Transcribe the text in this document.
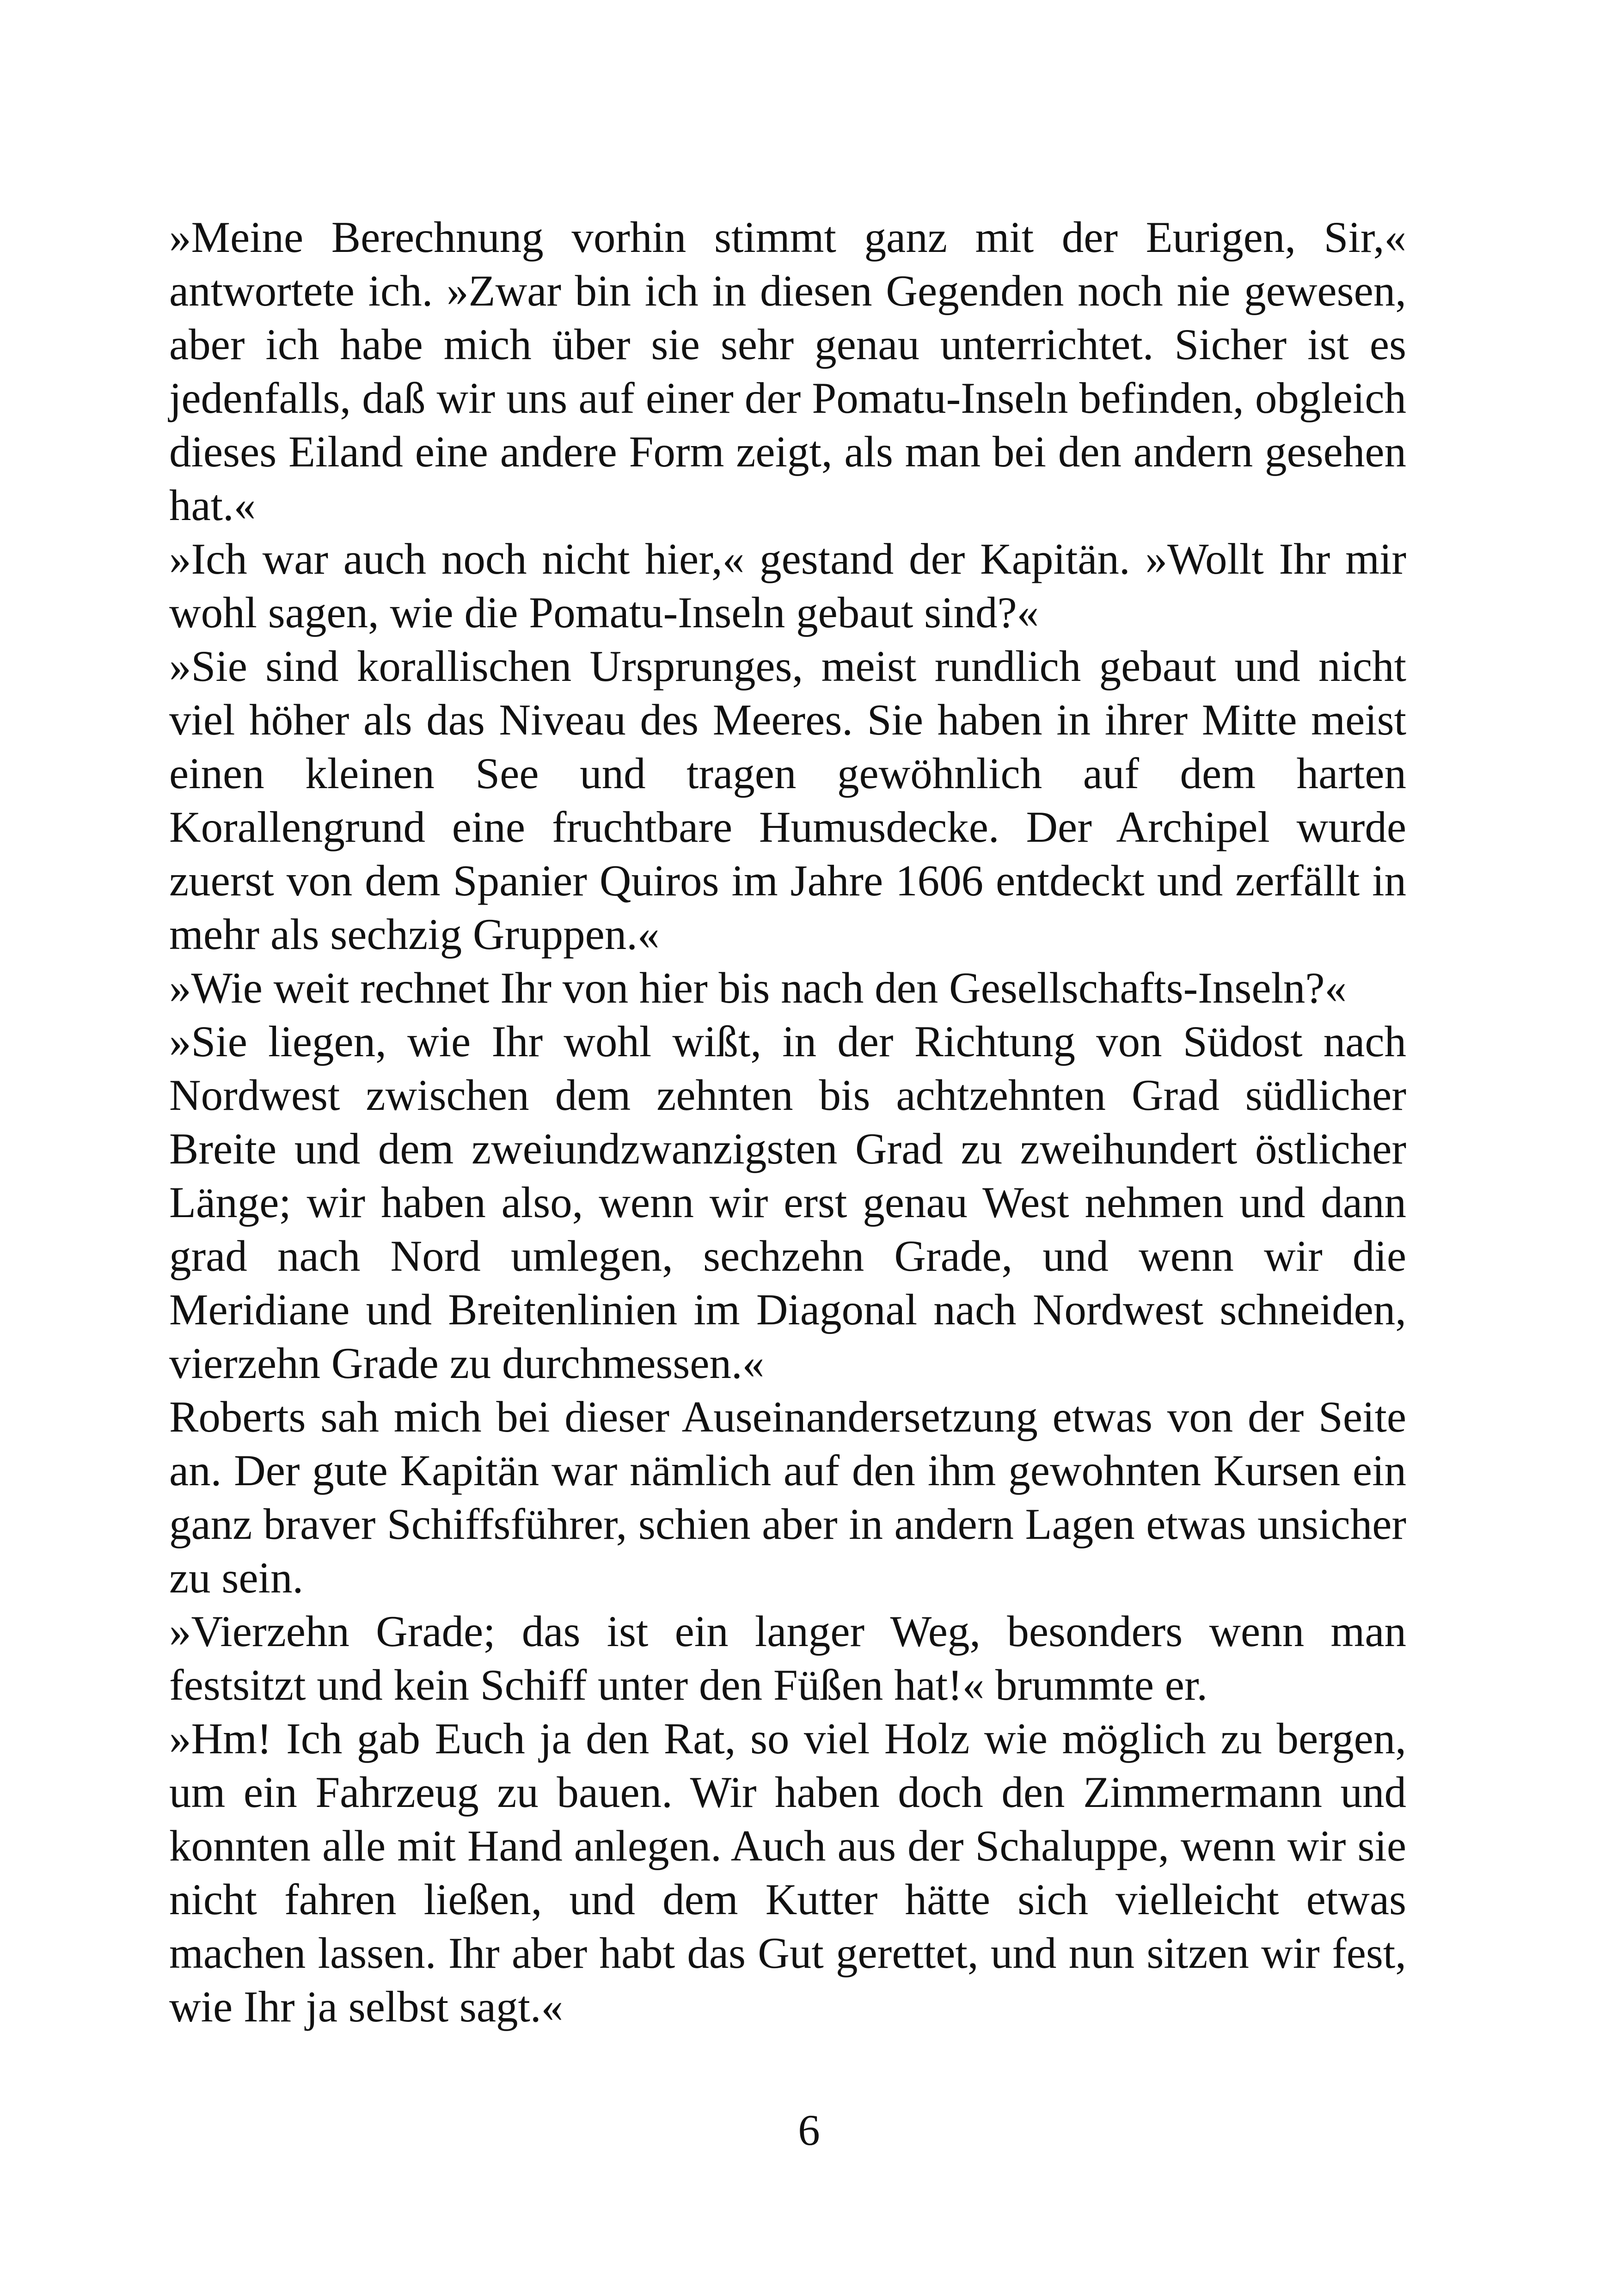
»Meine Berechnung vorhin stimmt ganz mit der Eurigen, Sir,« antwortete ich. »Zwar bin ich in diesen Gegenden noch nie gewesen, aber ich habe mich über sie sehr genau unterrichtet. Sicher ist es jedenfalls, daß wir uns auf einer der Pomatu-Inseln befinden, obgleich dieses Eiland eine andere Form zeigt, als man bei den andern gesehen hat.«

»Ich war auch noch nicht hier,« gestand der Kapitän. »Wollt Ihr mir wohl sagen, wie die Pomatu-Inseln gebaut sind?«

»Sie sind korallischen Ursprunges, meist rundlich gebaut und nicht viel höher als das Niveau des Meeres. Sie haben in ihrer Mitte meist einen kleinen See und tragen gewöhnlich auf dem harten Korallengrund eine fruchtbare Humusdecke. Der Archipel wurde zuerst von dem Spanier Quiros im Jahre 1606 entdeckt und zerfällt in mehr als sechzig Gruppen.«

»Wie weit rechnet Ihr von hier bis nach den Gesellschafts-Inseln?«

»Sie liegen, wie Ihr wohl wißt, in der Richtung von Südost nach Nordwest zwischen dem zehnten bis achtzehnten Grad südlicher Breite und dem zweiundzwanzigsten Grad zu zweihundert östlicher Länge; wir haben also, wenn wir erst genau West nehmen und dann grad nach Nord umlegen, sechzehn Grade, und wenn wir die Meridiane und Breitenlinien im Diagonal nach Nordwest schneiden, vierzehn Grade zu durchmessen.«

Roberts sah mich bei dieser Auseinandersetzung etwas von der Seite an. Der gute Kapitän war nämlich auf den ihm gewohnten Kursen ein ganz braver Schiffsführer, schien aber in andern Lagen etwas unsicher zu sein.

»Vierzehn Grade; das ist ein langer Weg, besonders wenn man festsitzt und kein Schiff unter den Füßen hat!« brummte er.

»Hm! Ich gab Euch ja den Rat, so viel Holz wie möglich zu bergen, um ein Fahrzeug zu bauen. Wir haben doch den Zimmermann und konnten alle mit Hand anlegen. Auch aus der Schaluppe, wenn wir sie nicht fahren ließen, und dem Kutter hätte sich vielleicht etwas machen lassen. Ihr aber habt das Gut gerettet, und nun sitzen wir fest, wie Ihr ja selbst sagt.«

6
